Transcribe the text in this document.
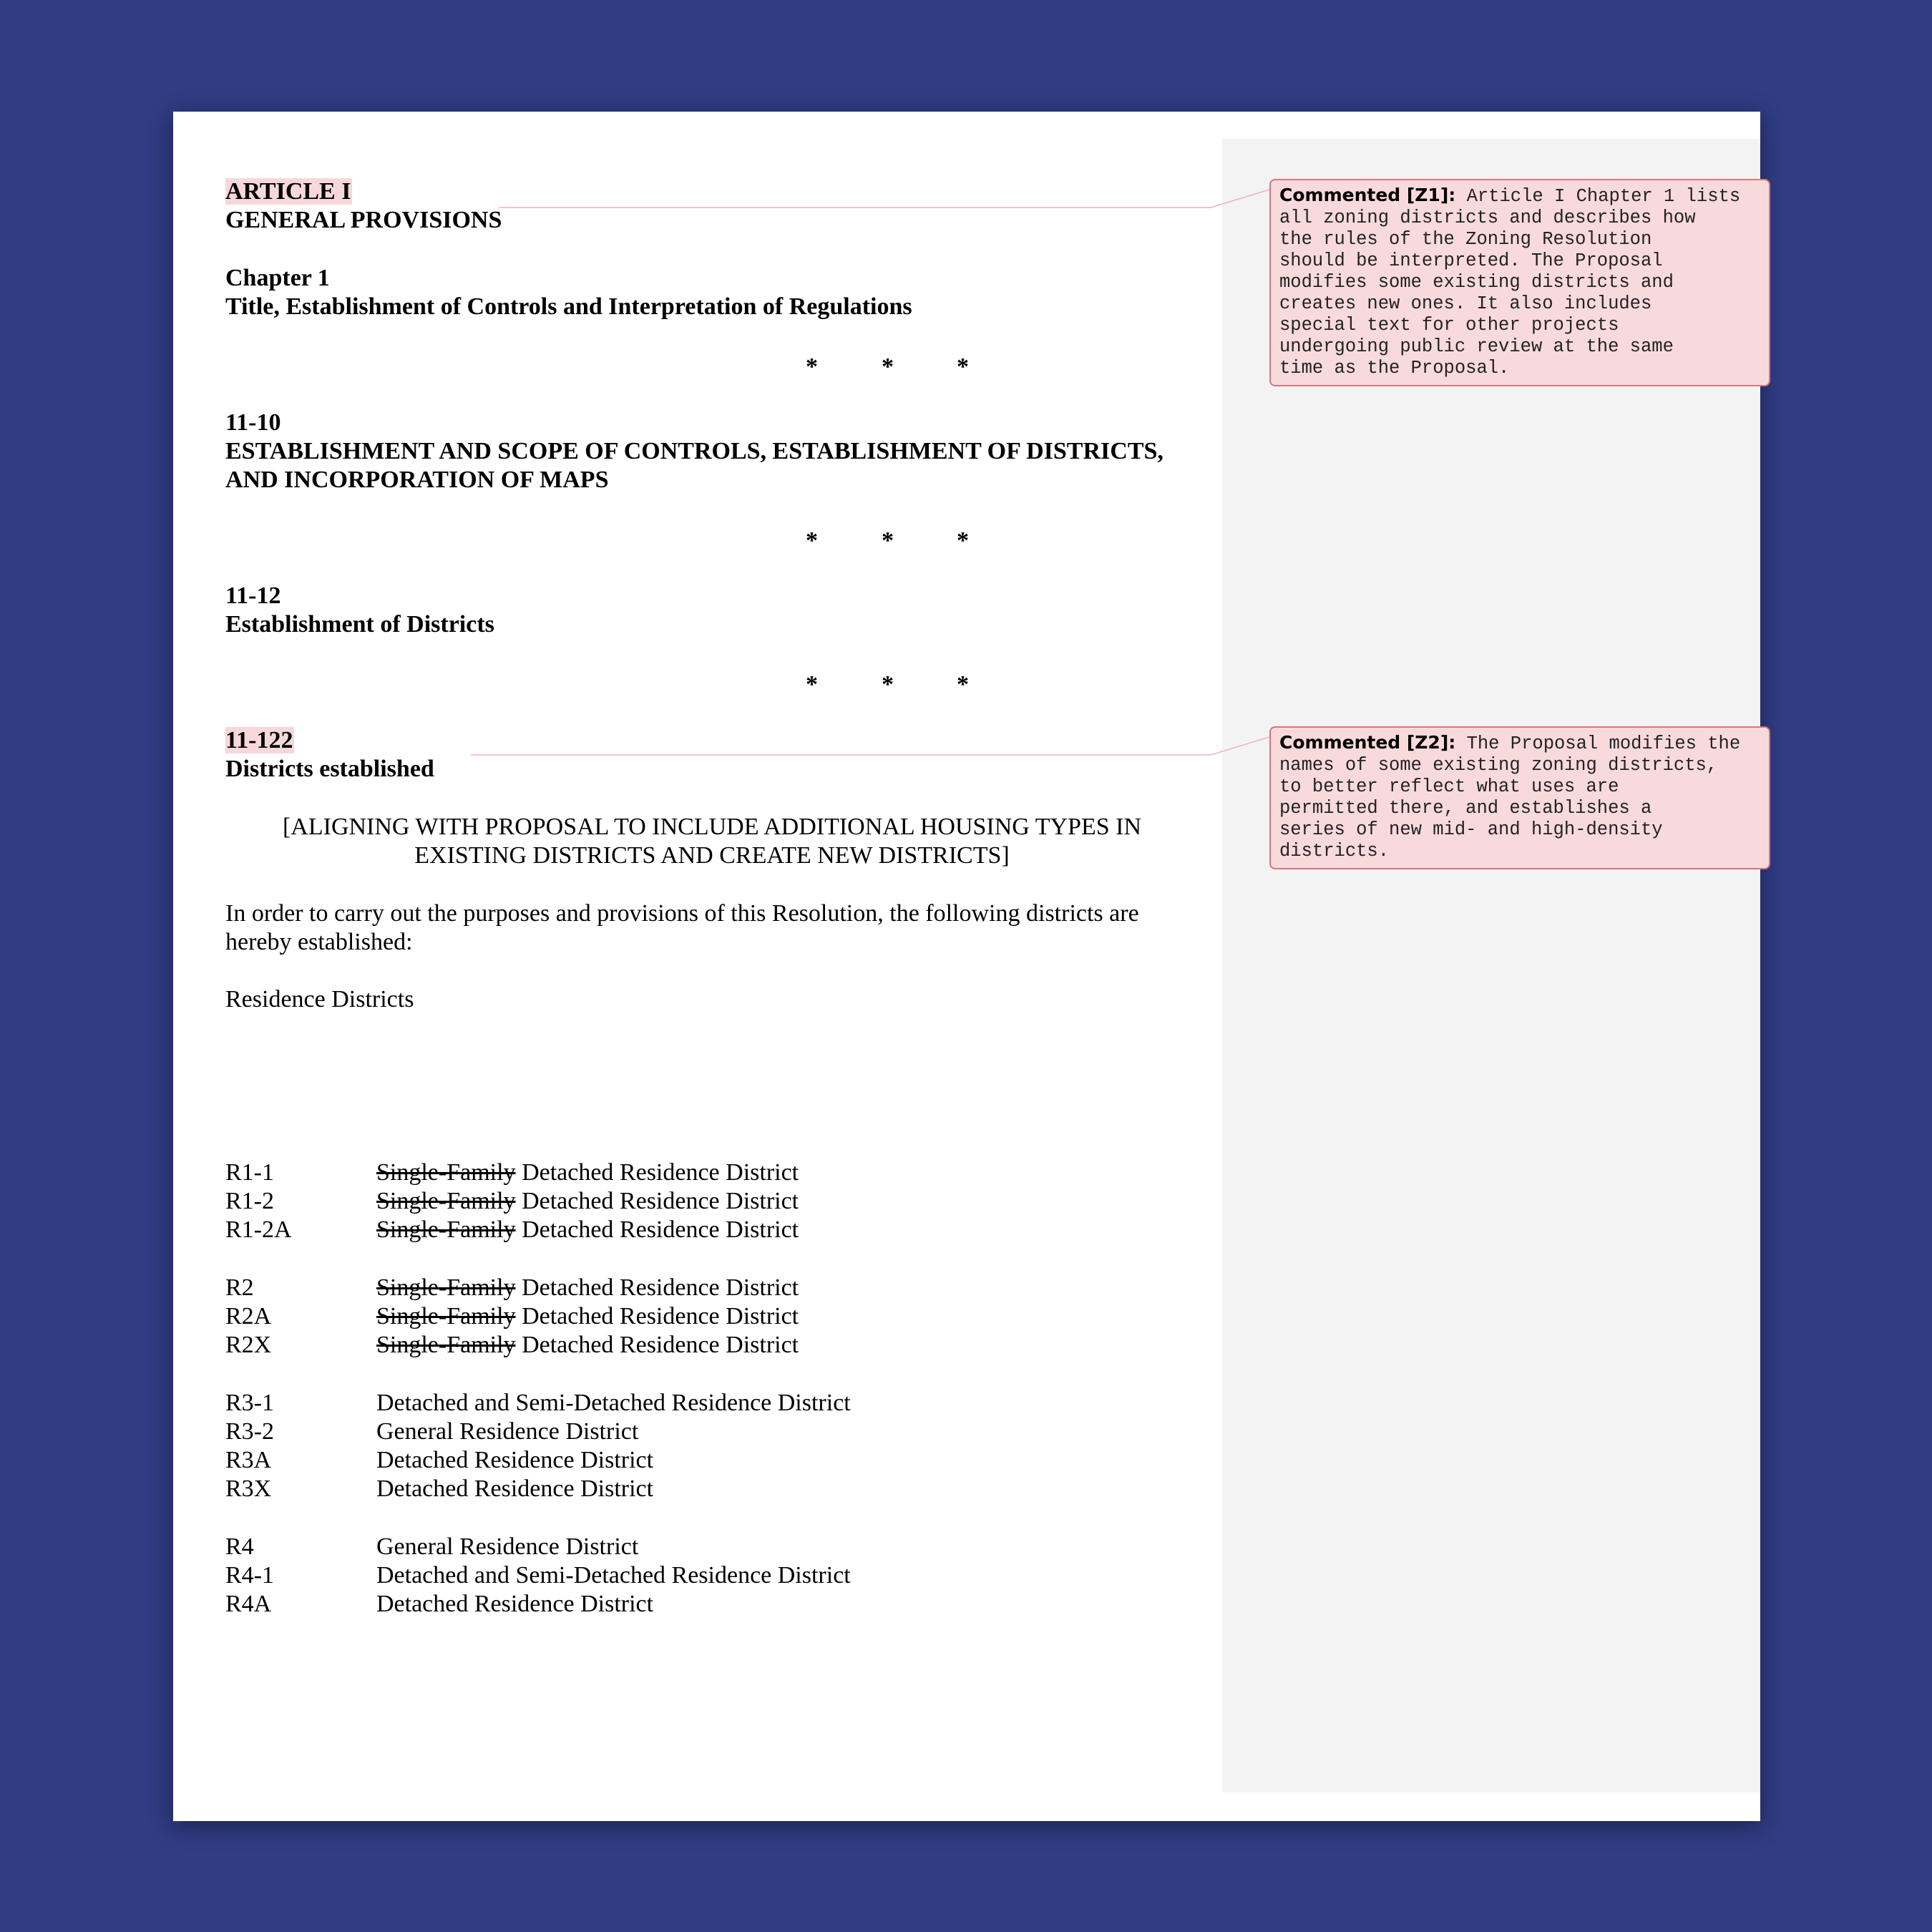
ARTICLE I
GENERAL PROVISIONS
Chapter 1
Title, Establishment of Controls and Interpretation of Regulations
*	*	*
11-10
ESTABLISHMENT AND SCOPE OF CONTROLS, ESTABLISHMENT OF DISTRICTS,
AND INCORPORATION OF MAPS
*	*	*
11-12
Establishment of Districts
*	*	*
11-122
Districts established
[ALIGNING WITH PROPOSAL TO INCLUDE ADDITIONAL HOUSING TYPES IN
EXISTING DISTRICTS AND CREATE NEW DISTRICTS]
In order to carry out the purposes and provisions of this Resolution, the following districts are
hereby established:
Residence Districts
R1-1	Single-Family Detached Residence District
R1-2	Single-Family Detached Residence District
R1-2A	Single-Family Detached Residence District
R2	Single-Family Detached Residence District
R2A	Single-Family Detached Residence District
R2X	Single-Family Detached Residence District
R3-1	Detached and Semi-Detached Residence District
R3-2	General Residence District
R3A	Detached Residence District
R3X	Detached Residence District
R4	General Residence District
R4-1	Detached and Semi-Detached Residence District
R4A	Detached Residence District
Commented [Z1]: Article I Chapter 1 lists
all zoning districts and describes how
the rules of the Zoning Resolution
should be interpreted. The Proposal
modifies some existing districts and
creates new ones. It also includes
special text for other projects
undergoing public review at the same
time as the Proposal.
Commented [Z2]: The Proposal modifies the
names of some existing zoning districts,
to better reflect what uses are
permitted there, and establishes a
series of new mid- and high-density
districts.
